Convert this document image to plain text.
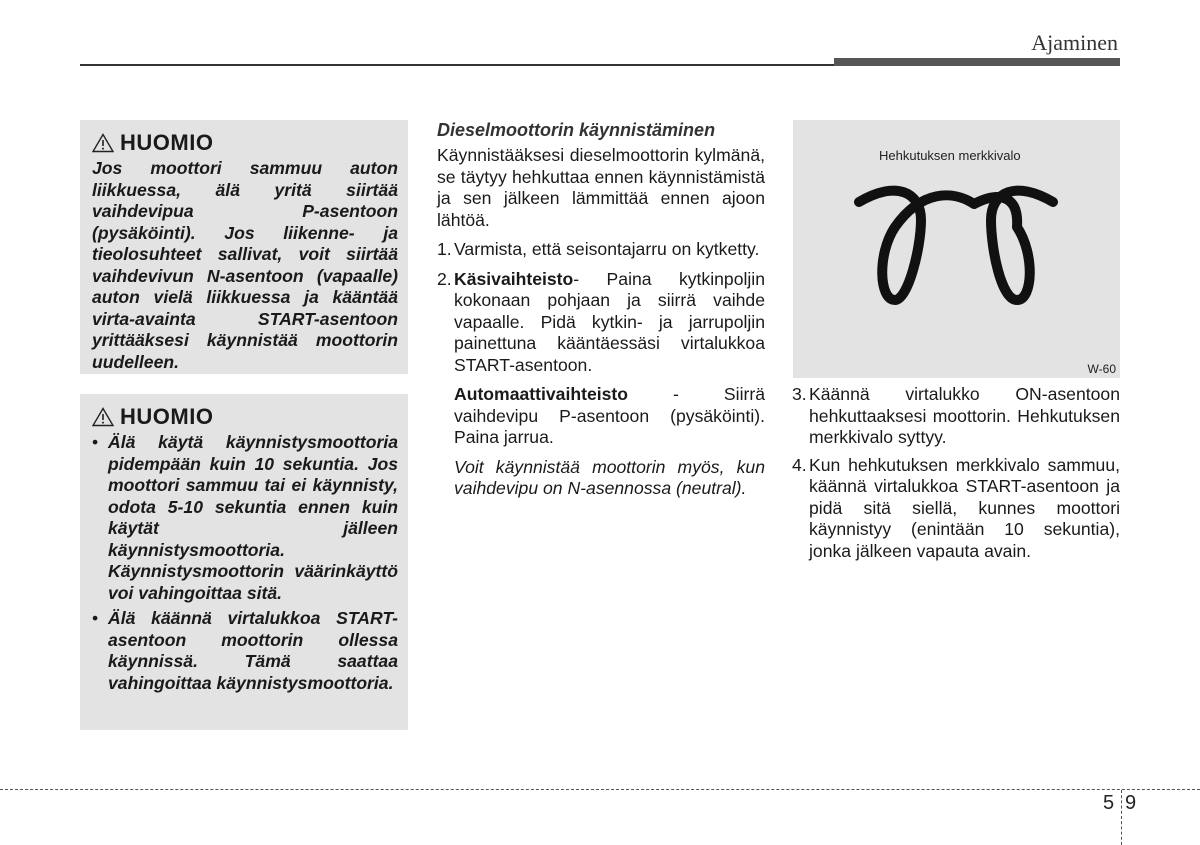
Ajaminen
HUOMIO

Jos moottori sammuu auton liikkuessa, älä yritä siirtää vaihdevipua P-asentoon (pysäköinti). Jos liikenne- ja tieolosuhteet sallivat, voit siirtää vaihdevivun N-asentoon (vapaalle) auton vielä liikkuessa ja kääntää virta-avainta START-asentoon yrittääksesi käynnistää moottorin uudelleen.

HUOMIO
• Älä käytä käynnistysmoottoria pidempään kuin 10 sekuntia. Jos moottori sammuu tai ei käynnisty, odota 5-10 sekuntia ennen kuin käytät jälleen käynnistysmoottoria. Käynnistysmoottorin väärinkäyttö voi vahingoittaa sitä.
• Älä käännä virtalukkoa START-asentoon moottorin ollessa käynnissä. Tämä saattaa vahingoittaa käynnistysmoottoria.
Dieselmoottorin käynnistäminen

Käynnistääksesi dieselmoottorin kylmänä, se täytyy hehkuttaa ennen käynnistämistä ja sen jälkeen lämmittää ennen ajoon lähtöä.

1. Varmista, että seisontajarru on kytketty.
2. Käsivaihteisto- Paina kytkinpoljin kokonaan pohjaan ja siirrä vaihde vapaalle. Pidä kytkin- ja jarrupoljin painettuna kääntäessäsi virtalukkoa START-asentoon.
Automaattivaihteisto - Siirrä vaihdevipu P-asentoon (pysäköinti). Paina jarrua.
Voit käynnistää moottorin myös, kun vaihdevipu on N-asennossa (neutral).
Hehkutuksen merkkivalo
W-60
3. Käännä virtalukko ON-asentoon hehkuttaaksesi moottorin. Hehkutuksen merkkivalo syttyy.
4. Kun hehkutuksen merkkivalo sammuu, käännä virtalukkoa START-asentoon ja pidä sitä siellä, kunnes moottori käynnistyy (enintään 10 sekuntia), jonka jälkeen vapauta avain.
5 9
